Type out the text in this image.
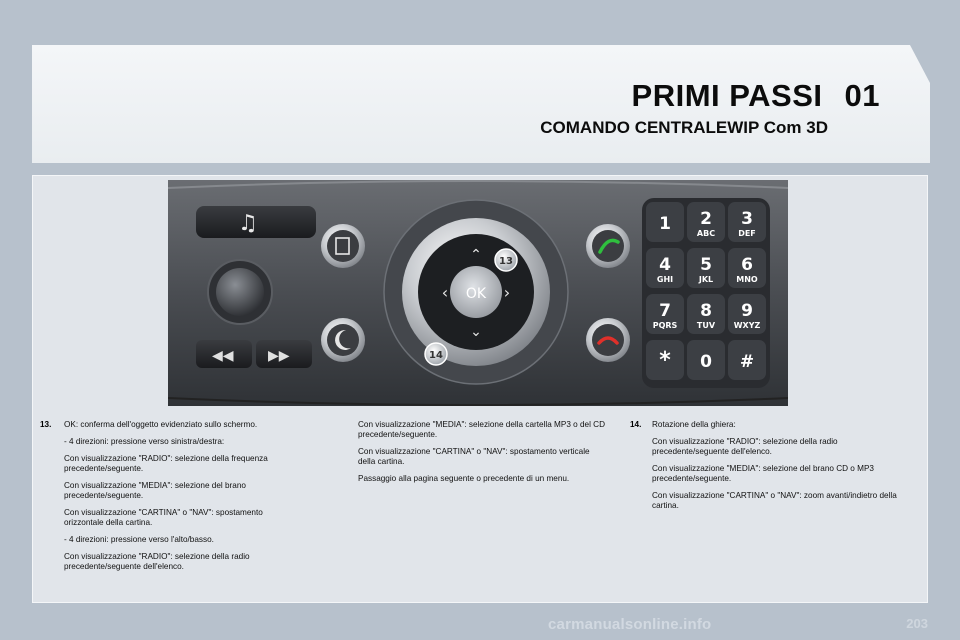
PRIMI PASSI 01
COMANDO CENTRALEWIP Com 3D
♫
◀◀ ▶▶
OK
⌃
⌄
‹	›
13
14
1 2
ABC
3
DEF
4
GHI
5
JKL
6
MNO
7
PQRS
8
TUV
9
WXYZ
* 0 #
13. OK: conferma dell'oggetto evidenziato sullo schermo.

- 4 direzioni: pressione verso sinistra/destra:

Con visualizzazione "RADIO": selezione della frequenza precedente/seguente.

Con visualizzazione "MEDIA": selezione del brano precedente/seguente.

Con visualizzazione "CARTINA" o "NAV": spostamento orizzontale della cartina.

- 4 direzioni: pressione verso l'alto/basso.

Con visualizzazione "RADIO": selezione della radio precedente/seguente dell'elenco.

Con visualizzazione "MEDIA": selezione della cartella MP3 o del CD precedente/seguente.

Con visualizzazione "CARTINA" o "NAV": spostamento verticale della cartina.

Passaggio alla pagina seguente o precedente di un menu.

14. Rotazione della ghiera:

Con visualizzazione "RADIO": selezione della radio precedente/seguente dell'elenco.

Con visualizzazione "MEDIA": selezione del brano CD o MP3 precedente/seguente.

Con visualizzazione "CARTINA" o "NAV": zoom avanti/indietro della cartina.

carmanualsonline.info	203
